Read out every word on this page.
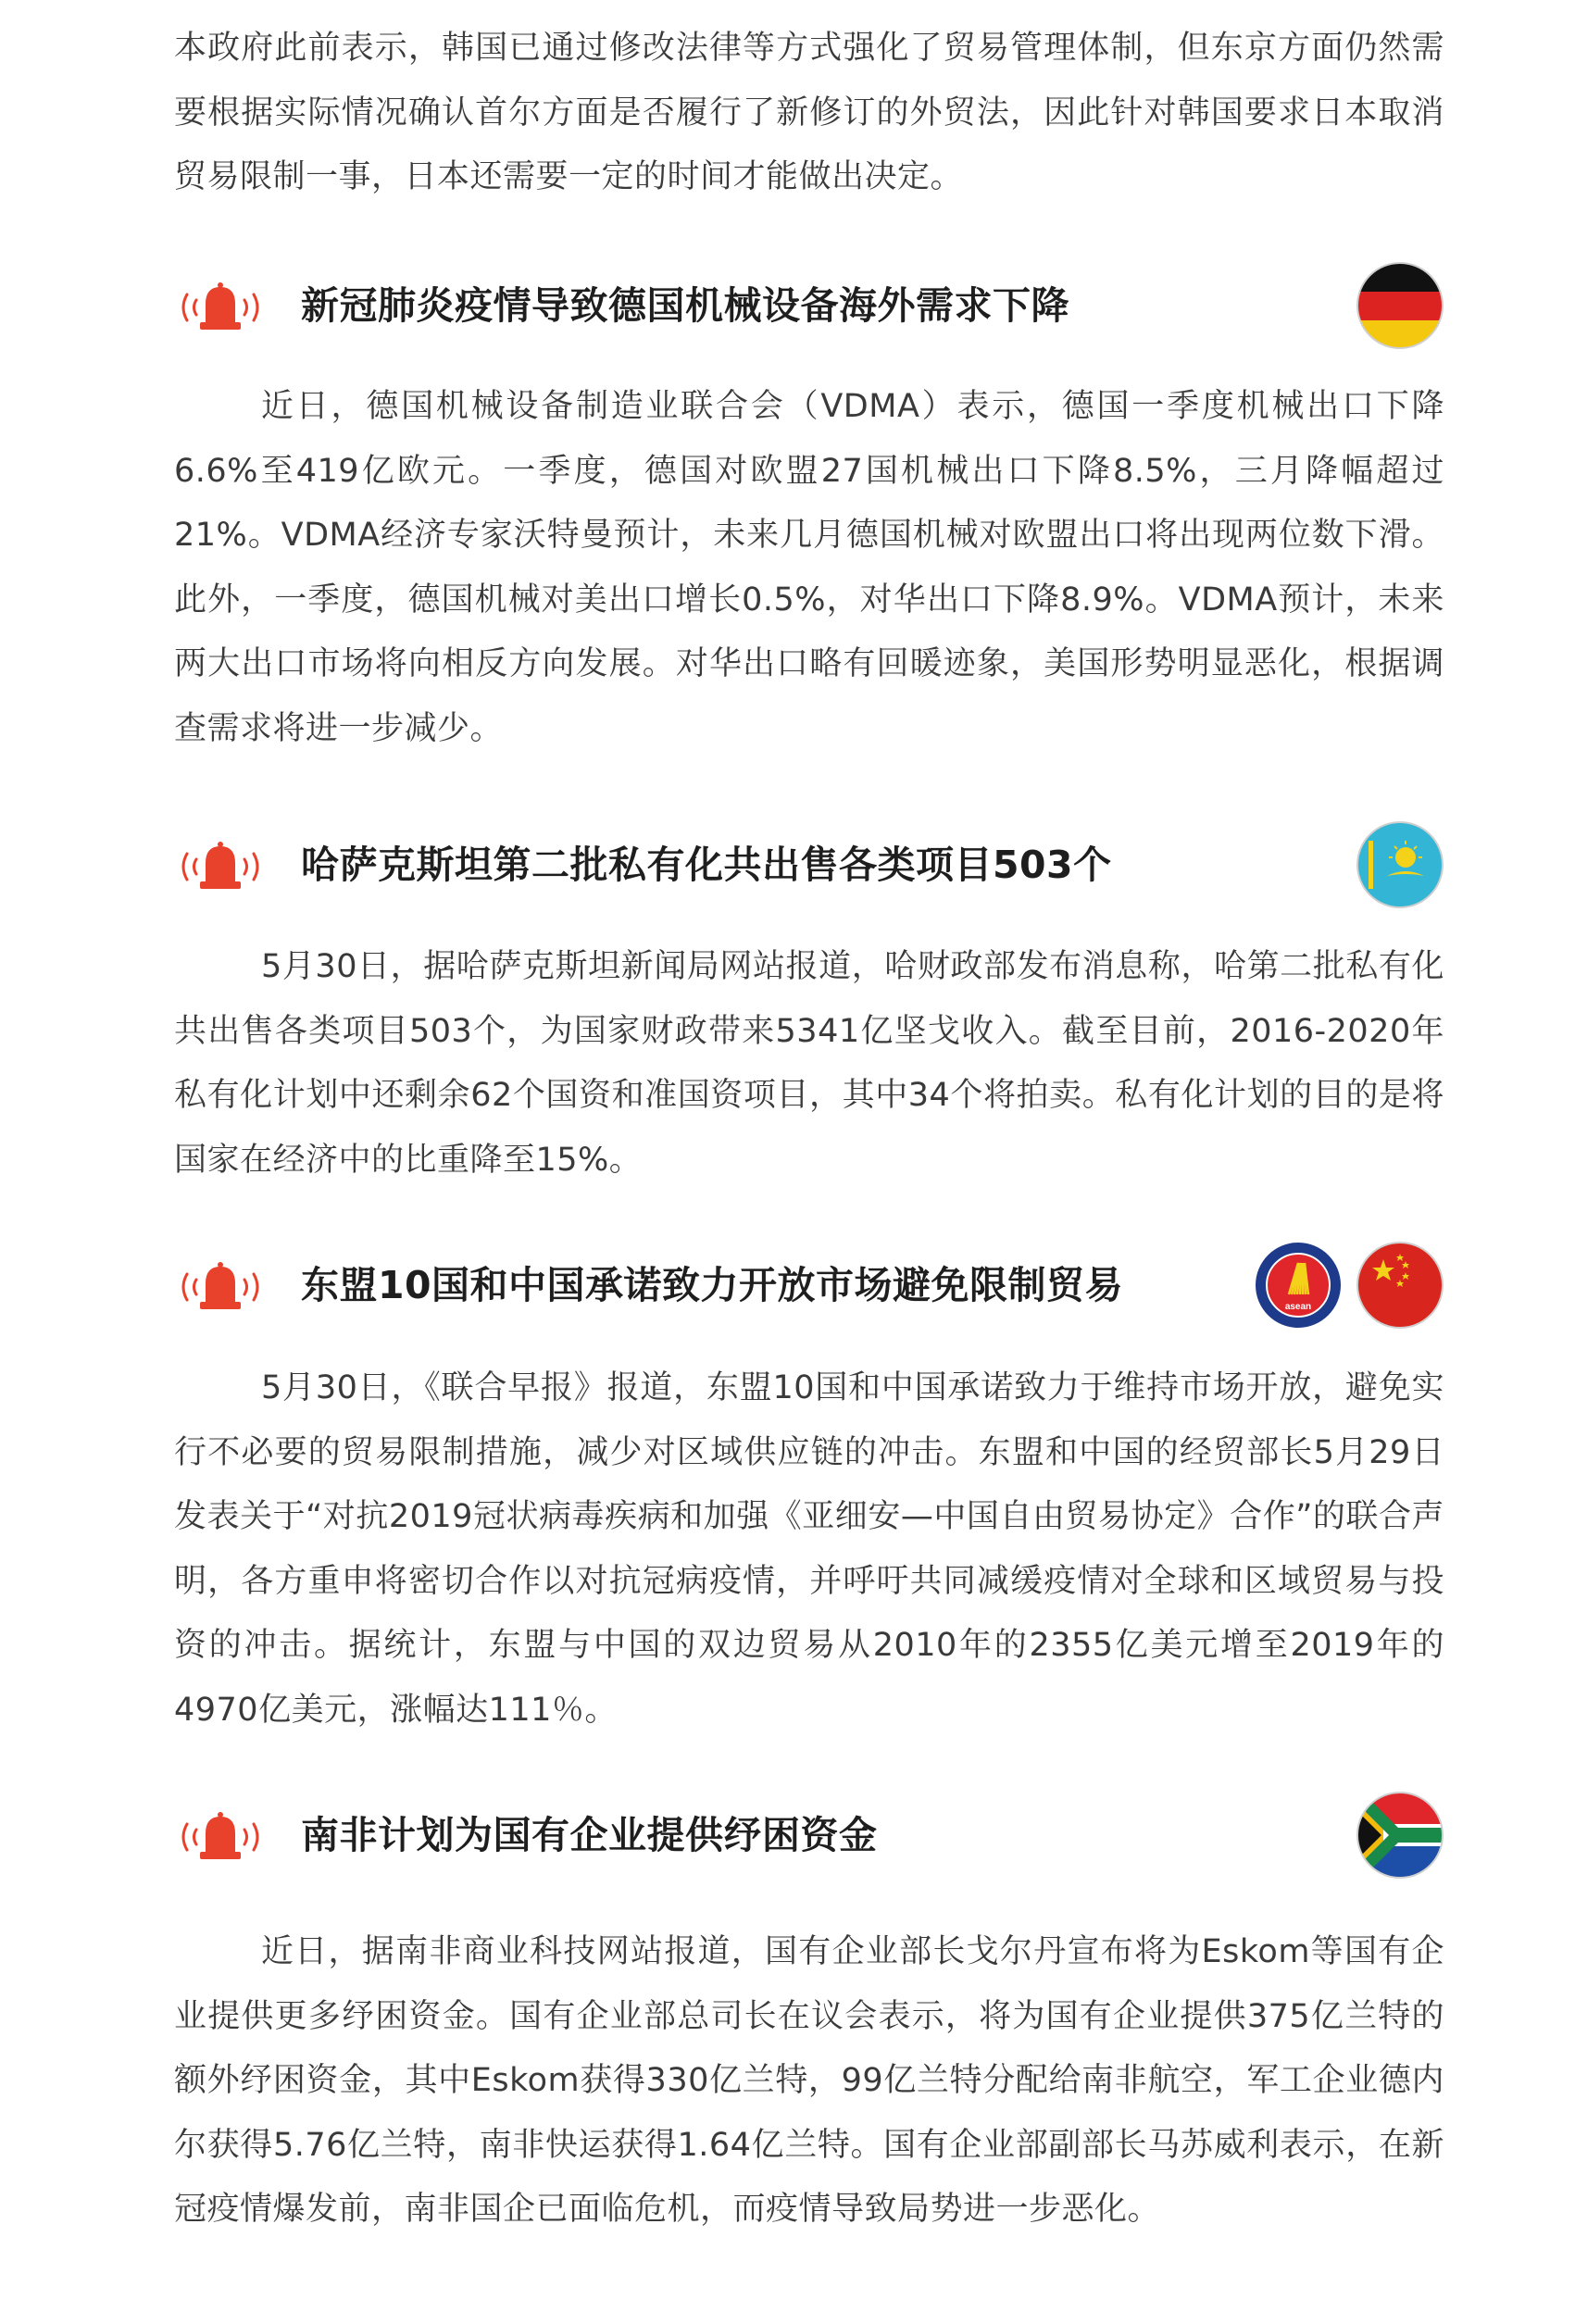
本政府此前表示，韩国已通过修改法律等方式强化了贸易管理体制，但东京方面仍然需要根据实际情况确认首尔方面是否履行了新修订的外贸法，因此针对韩国要求日本取消贸易限制一事，日本还需要一定的时间才能做出决定。

新冠肺炎疫情导致德国机械设备海外需求下降

近日，德国机械设备制造业联合会（VDMA）表示，德国一季度机械出口下降6.6%至419亿欧元。一季度，德国对欧盟27国机械出口下降8.5%，三月降幅超过21%。VDMA经济专家沃特曼预计，未来几月德国机械对欧盟出口将出现两位数下滑。此外，一季度，德国机械对美出口增长0.5%，对华出口下降8.9%。VDMA预计，未来两大出口市场将向相反方向发展。对华出口略有回暖迹象，美国形势明显恶化，根据调查需求将进一步减少。

哈萨克斯坦第二批私有化共出售各类项目503个

5月30日，据哈萨克斯坦新闻局网站报道，哈财政部发布消息称，哈第二批私有化共出售各类项目503个，为国家财政带来5341亿坚戈收入。截至目前，2016-2020年私有化计划中还剩余62个国资和准国资项目，其中34个将拍卖。私有化计划的目的是将国家在经济中的比重降至15%。

东盟10国和中国承诺致力开放市场避免限制贸易	asean

5月30日，《联合早报》报道，东盟10国和中国承诺致力于维持市场开放，避免实行不必要的贸易限制措施，减少对区域供应链的冲击。东盟和中国的经贸部长5月29日发表关于“对抗2019冠状病毒疾病和加强《亚细安—中国自由贸易协定》合作”的联合声明，各方重申将密切合作以对抗冠病疫情，并呼吁共同减缓疫情对全球和区域贸易与投资的冲击。据统计，东盟与中国的双边贸易从2010年的2355亿美元增至2019年的4970亿美元，涨幅达111％。

南非计划为国有企业提供纾困资金

近日，据南非商业科技网站报道，国有企业部长戈尔丹宣布将为Eskom等国有企业提供更多纾困资金。国有企业部总司长在议会表示，将为国有企业提供375亿兰特的额外纾困资金，其中Eskom获得330亿兰特，99亿兰特分配给南非航空，军工企业德内尔获得5.76亿兰特，南非快运获得1.64亿兰特。国有企业部副部长马苏威利表示，在新冠疫情爆发前，南非国企已面临危机，而疫情导致局势进一步恶化。
